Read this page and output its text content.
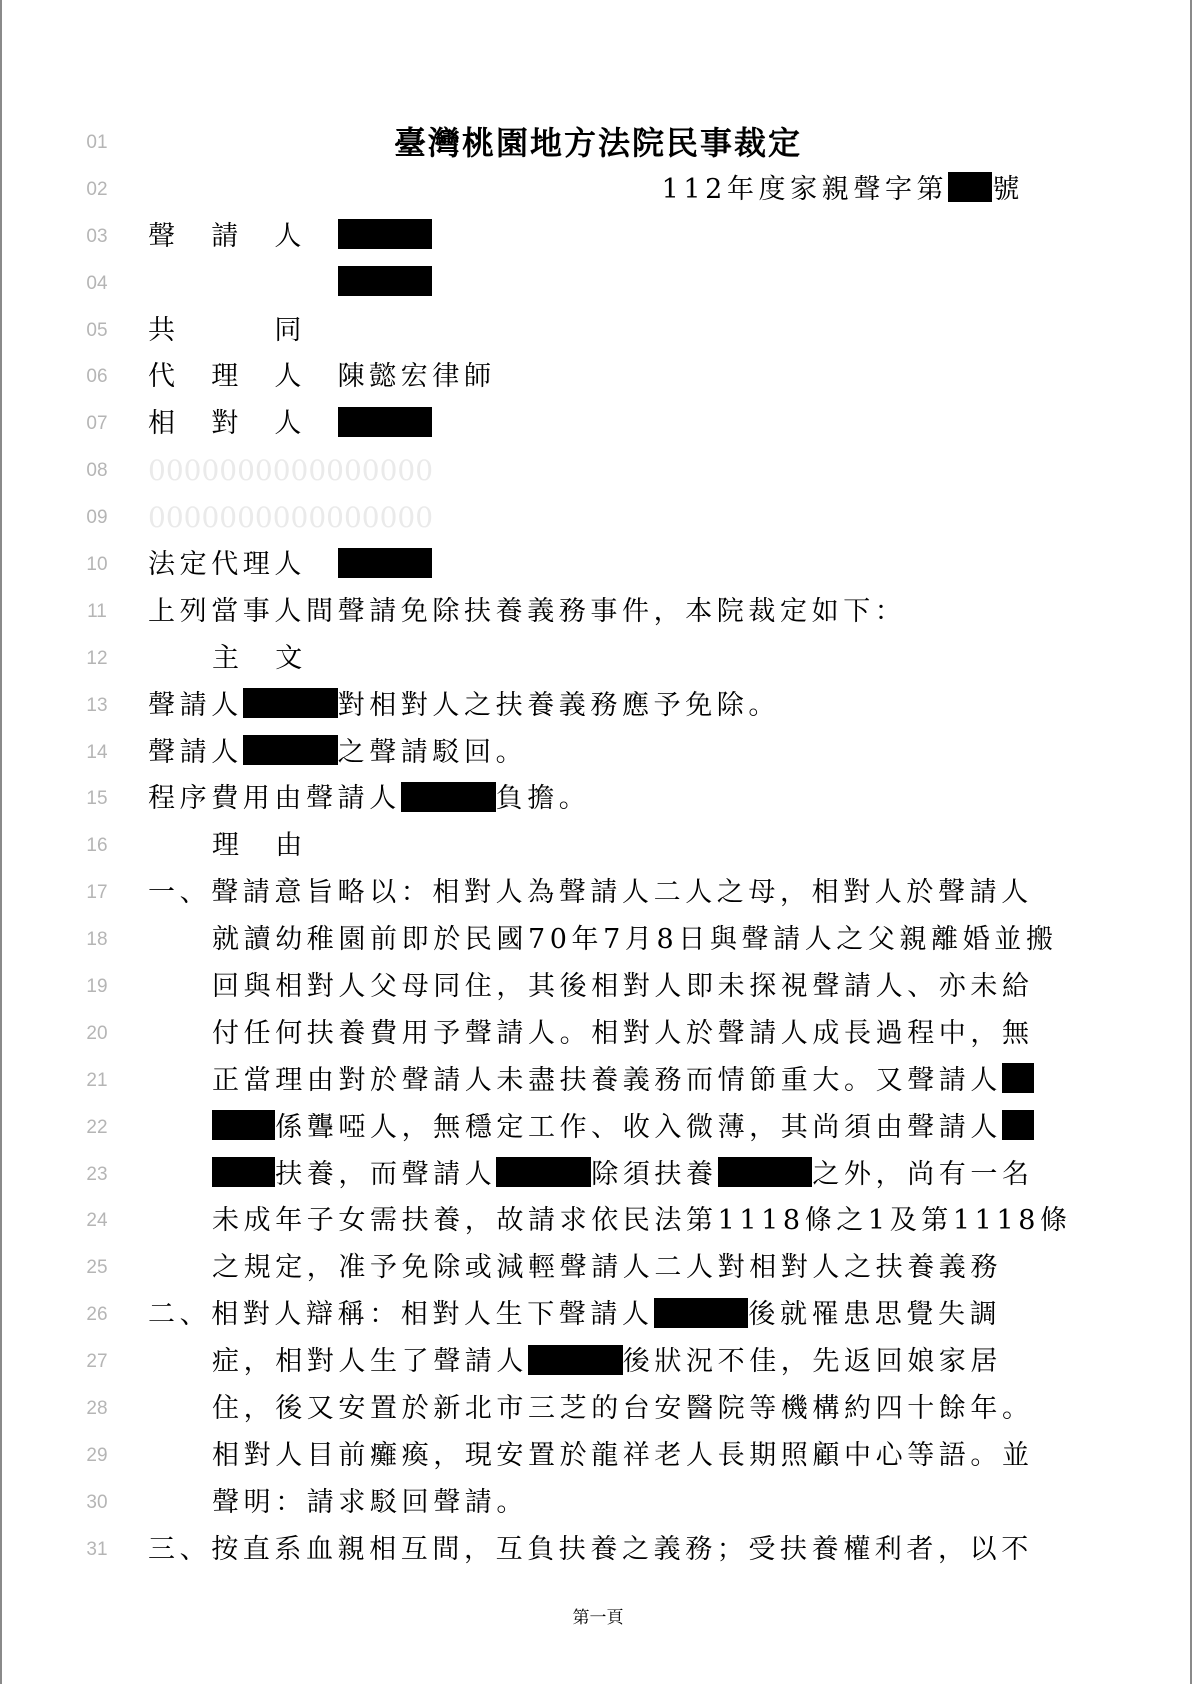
01	臺灣桃園地方法院民事裁定
02	112年度家親聲字第 號
03 聲　請　人　
04

05 共　　　同
06 代　理　人　陳懿宏律師
07 相　對　人　
08 0000000000000000
09 0000000000000000
10 法定代理人　
11 上列當事人間聲請免除扶養義務事件，本院裁定如下：
12	主　文
13 聲請人	對相對人之扶養義務應予免除。
14 聲請人	之聲請駁回。
15 程序費用由聲請人	負擔。
16	理　由
17 一、聲請意旨略以：相對人為聲請人二人之母，相對人於聲請人
18	就讀幼稚園前即於民國70年7月8日與聲請人之父親離婚並搬
19	回與相對人父母同住，其後相對人即未探視聲請人、亦未給
20	付任何扶養費用予聲請人。相對人於聲請人成長過程中，無
21	正當理由對於聲請人未盡扶養義務而情節重大。又聲請人
22	係聾啞人，無穩定工作、收入微薄，其尚須由聲請人
23	扶養，而聲請人	除須扶養	之外，尚有一名
24	未成年子女需扶養，故請求依民法第1118條之1及第1118條
25	之規定，准予免除或減輕聲請人二人對相對人之扶養義務
26 二、相對人辯稱：相對人生下聲請人	後就罹患思覺失調
27	症，相對人生了聲請人	後狀況不佳，先返回娘家居
28	住，後又安置於新北市三芝的台安醫院等機構約四十餘年。
29	相對人目前癱瘓，現安置於龍祥老人長期照顧中心等語。並
30	聲明：請求駁回聲請。
31 三、按直系血親相互間，互負扶養之義務；受扶養權利者，以不
第一頁
